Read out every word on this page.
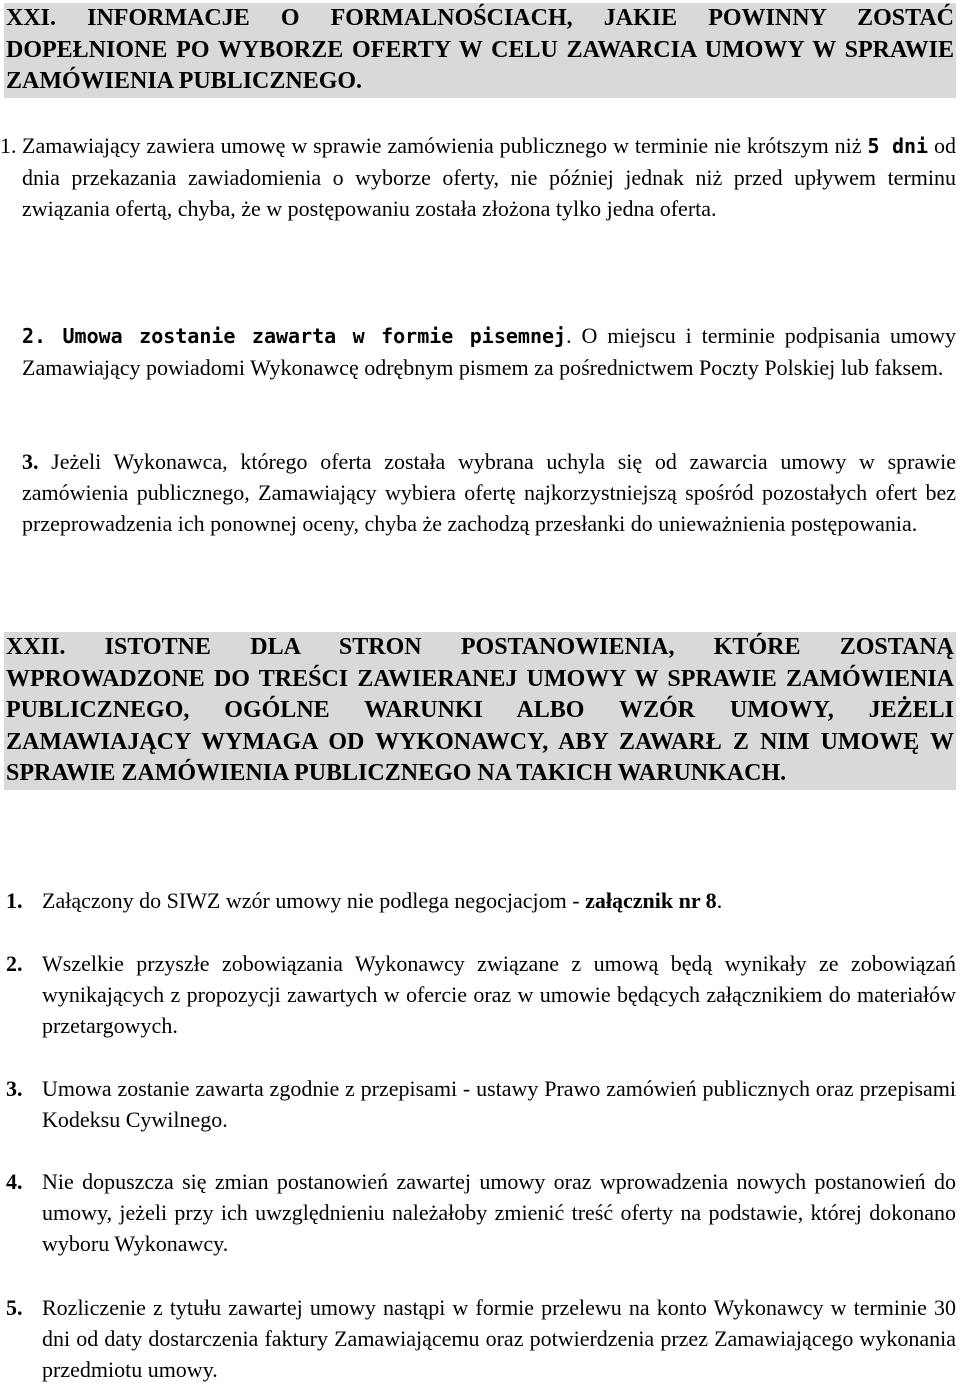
XXI. INFORMACJE O FORMALNOŚCIACH, JAKIE POWINNY ZOSTAĆ DOPEŁNIONE PO WYBORZE OFERTY W CELU ZAWARCIA UMOWY W SPRAWIE ZAMÓWIENIA PUBLICZNEGO.
1. Zamawiający zawiera umowę w sprawie zamówienia publicznego w terminie nie krótszym niż 5 dni od dnia przekazania zawiadomienia o wyborze oferty, nie później jednak niż przed upływem terminu związania ofertą, chyba, że w postępowaniu została złożona tylko jedna oferta.
2. Umowa zostanie zawarta w formie pisemnej. O miejscu i terminie podpisania umowy Zamawiający powiadomi Wykonawcę odrębnym pismem za pośrednictwem Poczty Polskiej lub faksem.
3. Jeżeli Wykonawca, którego oferta została wybrana uchyla się od zawarcia umowy w sprawie zamówienia publicznego, Zamawiający wybiera ofertę najkorzystniejszą spośród pozostałych ofert bez przeprowadzenia ich ponownej oceny, chyba że zachodzą przesłanki do unieważnienia postępowania.
XXII. ISTOTNE DLA STRON POSTANOWIENIA, KTÓRE ZOSTANĄ WPROWADZONE DO TREŚCI ZAWIERANEJ UMOWY W SPRAWIE ZAMÓWIENIA PUBLICZNEGO, OGÓLNE WARUNKI ALBO WZÓR UMOWY, JEŻELI ZAMAWIAJĄCY WYMAGA OD WYKONAWCY, ABY ZAWARŁ Z NIM UMOWĘ W SPRAWIE ZAMÓWIENIA PUBLICZNEGO NA TAKICH WARUNKACH.
1. Załączony do SIWZ wzór umowy nie podlega negocjacjom - załącznik nr 8.
2. Wszelkie przyszłe zobowiązania Wykonawcy związane z umową będą wynikały ze zobowiązań wynikających z propozycji zawartych w ofercie oraz w umowie będących załącznikiem do materiałów przetargowych.
3. Umowa zostanie zawarta zgodnie z przepisami - ustawy Prawo zamówień publicznych oraz przepisami Kodeksu Cywilnego.
4. Nie dopuszcza się zmian postanowień zawartej umowy oraz wprowadzenia nowych postanowień do umowy, jeżeli przy ich uwzględnieniu należałoby zmienić treść oferty na podstawie, której dokonano wyboru Wykonawcy.
5. Rozliczenie z tytułu zawartej umowy nastąpi w formie przelewu na konto Wykonawcy w terminie 30 dni od daty dostarczenia faktury Zamawiającemu oraz potwierdzenia przez Zamawiającego wykonania przedmiotu umowy.
